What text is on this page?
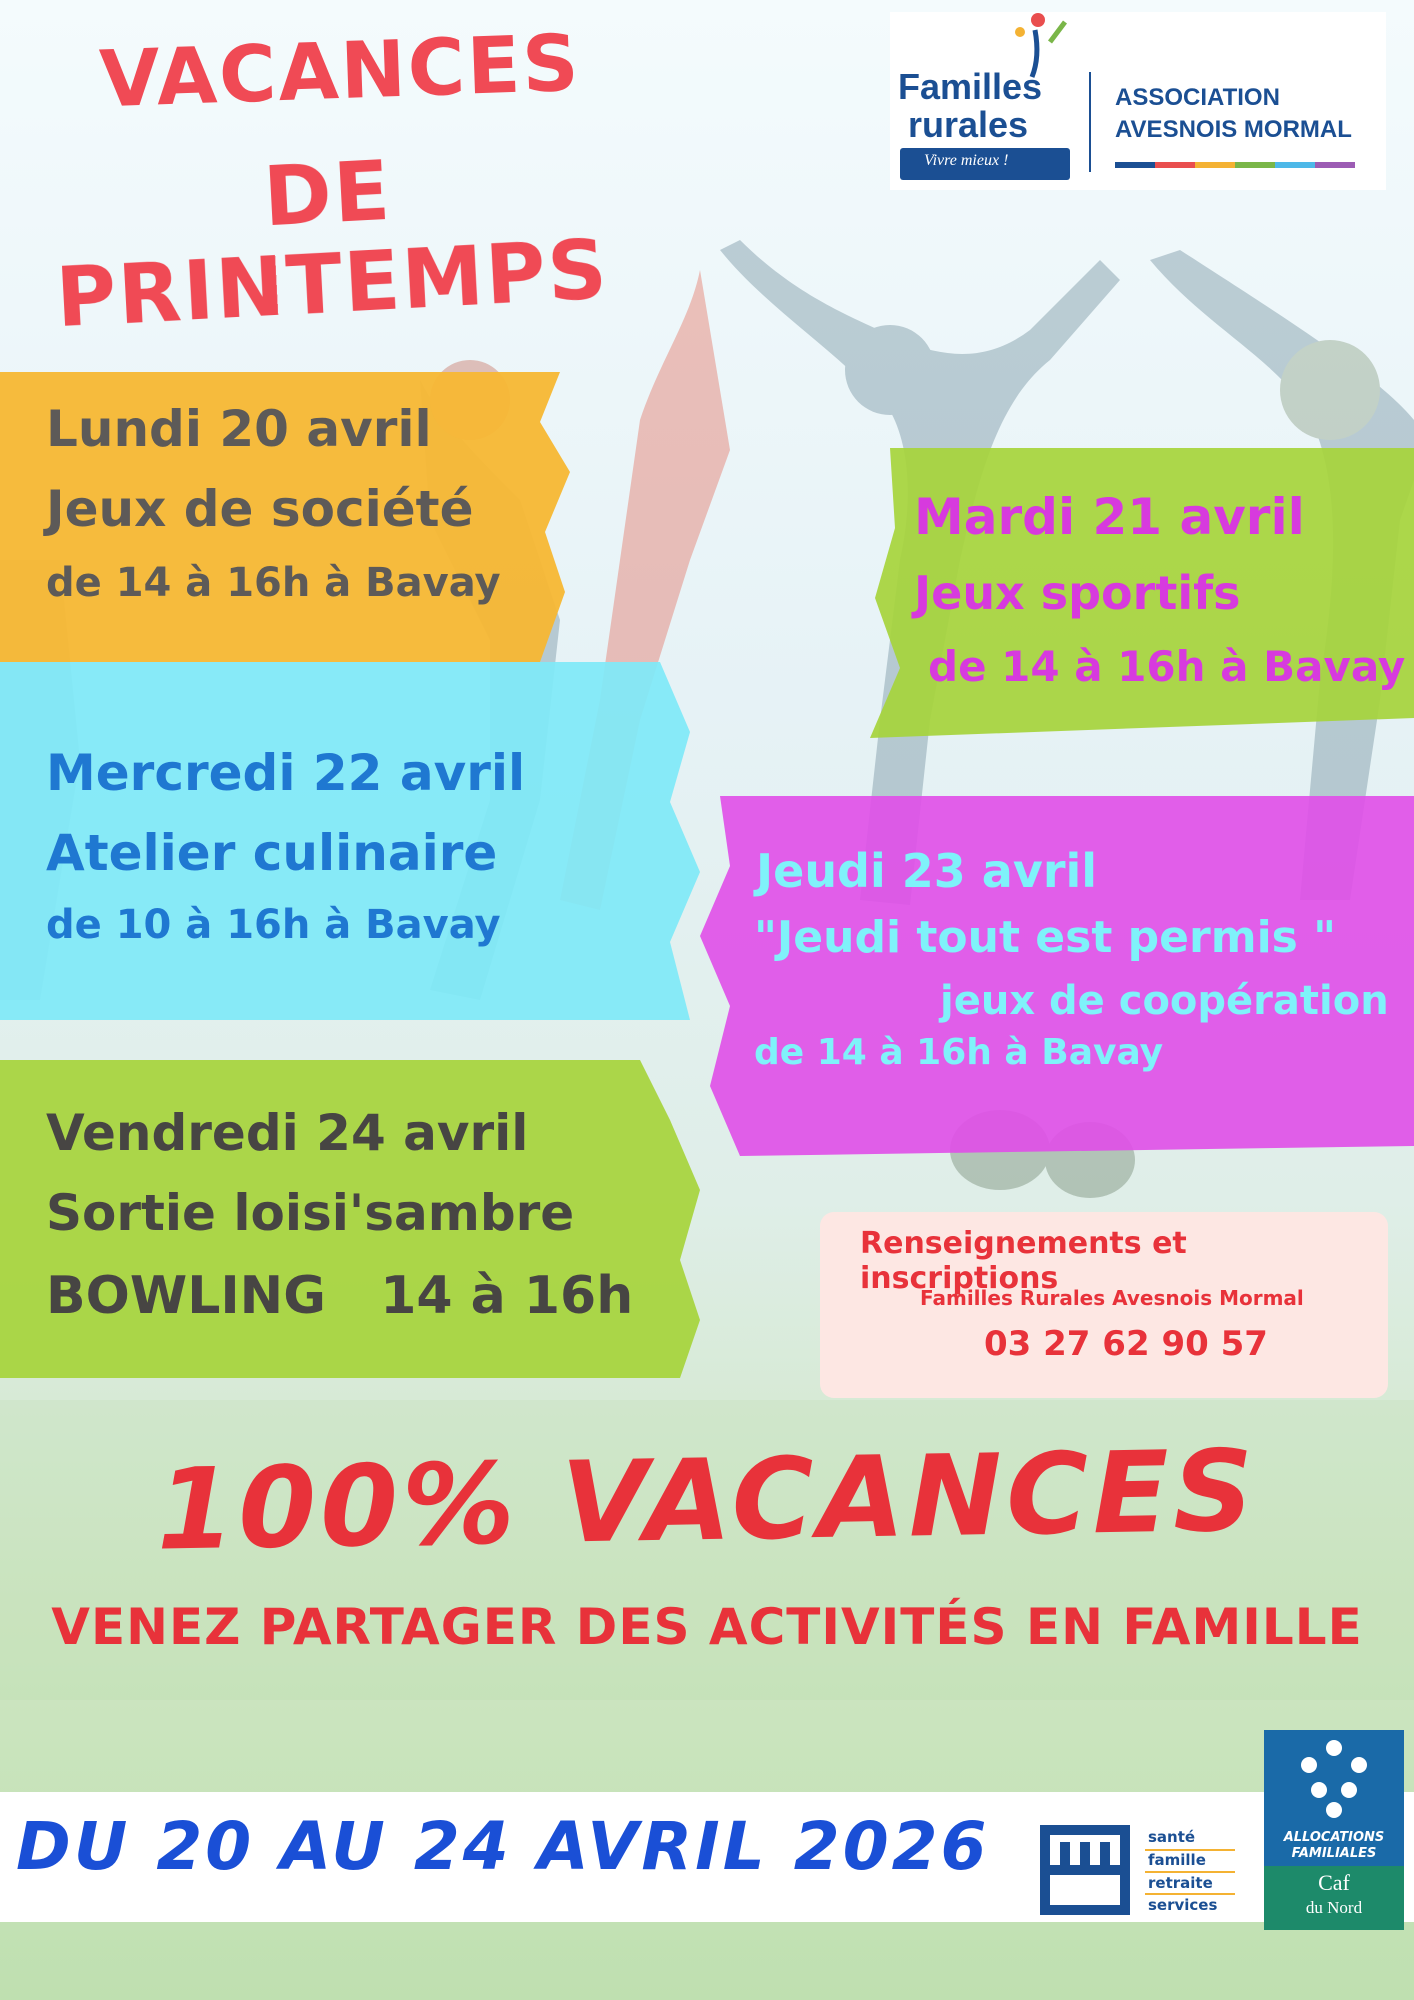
VACANCES
DE PRINTEMPS
Familles
rurales
Vivre mieux !
ASSOCIATION
AVESNOIS MORMAL
Lundi 20 avril
Jeux de société
de 14 à 16h à Bavay
Mardi 21 avril
Jeux sportifs
de 14 à 16h à Bavay
Mercredi 22 avril
Atelier culinaire
de 10 à 16h à Bavay
Jeudi 23 avril
"Jeudi tout est permis "
jeux de coopération
de 14 à 16h à Bavay
Vendredi 24 avril
Sortie loisi'sambre
BOWLING   14 à 16h
Renseignements et inscriptions
Familles Rurales Avesnois Mormal
03 27 62 90 57
100% VACANCES
VENEZ PARTAGER DES ACTIVITÉS EN FAMILLE
DU 20 AU 24 AVRIL 2026	santé
famille
retraite
services
ALLOCATIONS
FAMILIALES
Caf
du Nord
